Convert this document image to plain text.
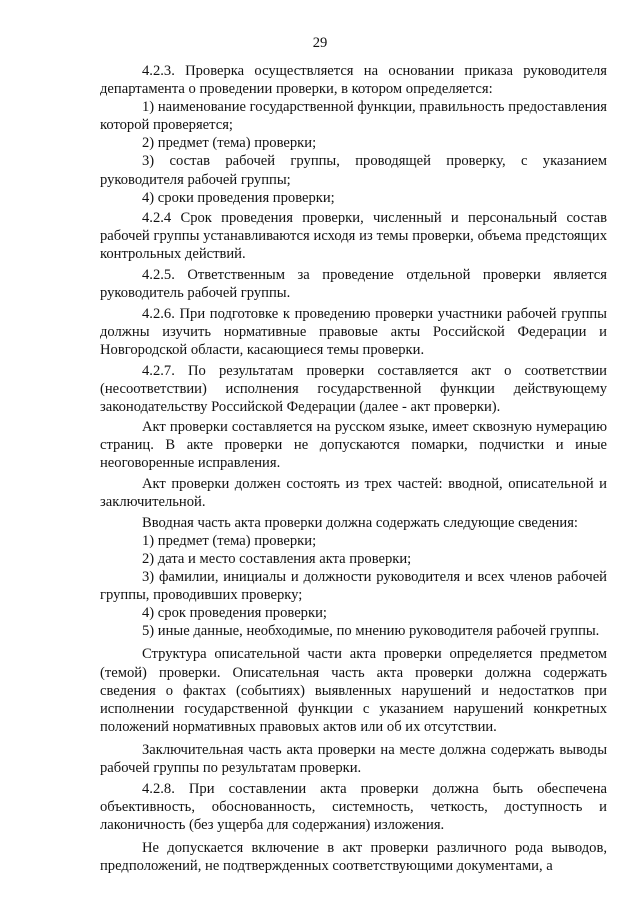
29

4.2.3. Проверка осуществляется на основании приказа руководителя департамента о проведении проверки, в котором определяется:

1) наименование государственной функции, правильность предоставления которой проверяется;

2) предмет (тема) проверки;

3) состав рабочей группы, проводящей проверку, с указанием руководителя рабочей группы;

4) сроки проведения проверки;

4.2.4 Срок проведения проверки, численный и персональный состав рабочей группы устанавливаются исходя из темы проверки, объема предстоящих контрольных действий.

4.2.5. Ответственным за проведение отдельной проверки является руководитель рабочей группы.

4.2.6. При подготовке к проведению проверки участники рабочей группы должны изучить нормативные правовые акты Российской Федерации и Новгородской области, касающиеся темы проверки.

4.2.7. По результатам проверки составляется акт о соответствии (несоответствии) исполнения государственной функции действующему законодательству Российской Федерации (далее - акт проверки).

Акт проверки составляется на русском языке, имеет сквозную нумерацию страниц. В акте проверки не допускаются помарки, подчистки и иные неоговоренные исправления.

Акт проверки должен состоять из трех частей: вводной, описательной и заключительной.

Вводная часть акта проверки должна содержать следующие сведения:

1) предмет (тема) проверки;

2) дата и место составления акта проверки;

3) фамилии, инициалы и должности руководителя и всех членов рабочей группы, проводивших проверку;

4) срок проведения проверки;

5) иные данные, необходимые, по мнению руководителя рабочей группы.

Структура описательной части акта проверки определяется предметом (темой) проверки. Описательная часть акта проверки должна содержать сведения о фактах (событиях) выявленных нарушений и недостатков при исполнении государственной функции с указанием нарушений конкретных положений нормативных правовых актов или об их отсутствии.

Заключительная часть акта проверки на месте должна содержать выводы рабочей группы по результатам проверки.

4.2.8. При составлении акта проверки должна быть обеспечена объективность, обоснованность, системность, четкость, доступность и лаконичность (без ущерба для содержания) изложения.

Не допускается включение в акт проверки различного рода выводов, предположений, не подтвержденных соответствующими документами, а
